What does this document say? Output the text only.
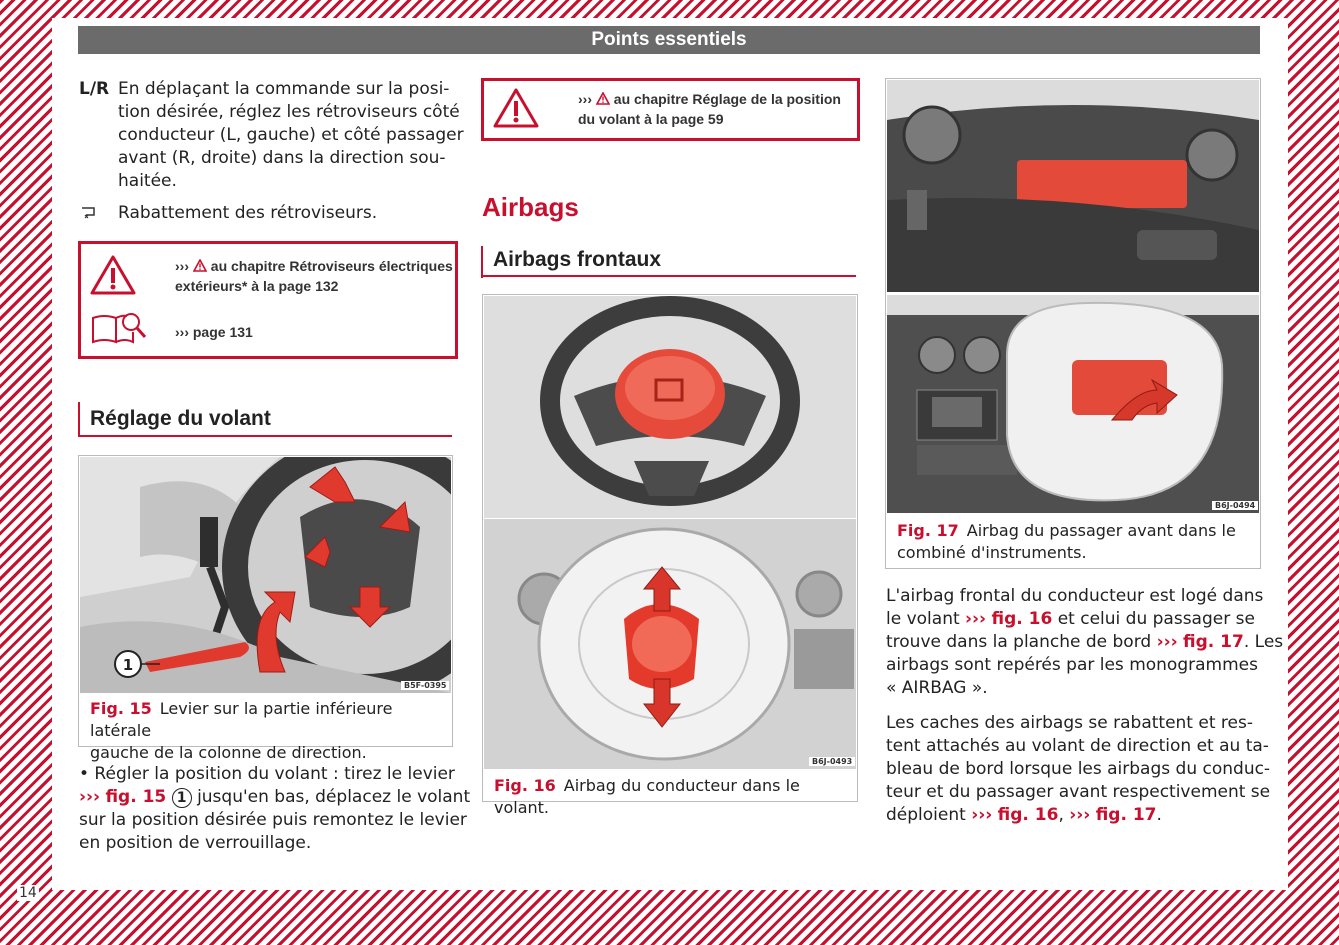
Points essentiels
L/R En déplaçant la commande sur la posi-
tion désirée, réglez les rétroviseurs côté
conducteur (L, gauche) et côté passager
avant (R, droite) dans la direction sou-
haitée.
Rabattement des rétroviseurs.
››› au chapitre Rétroviseurs électriques
extérieurs* à la page 132
››› page 131
Réglage du volant
1
B5F-0395
Fig. 15 Levier sur la partie inférieure latérale
gauche de la colonne de direction.
• Régler la position du volant : tirez le levier
››› fig. 15 1 jusqu'en bas, déplacez le volant
sur la position désirée puis remontez le levier
en position de verrouillage.
››› au chapitre Réglage de la position
du volant à la page 59
Airbags
Airbags frontaux
B6J-0493
Fig. 16 Airbag du conducteur dans le volant.
B6J-0494
Fig. 17 Airbag du passager avant dans le
combiné d'instruments.
L'airbag frontal du conducteur est logé dans
le volant ››› fig. 16 et celui du passager se
trouve dans la planche de bord ››› fig. 17. Les
airbags sont repérés par les monogrammes
« AIRBAG ».
Les caches des airbags se rabattent et res-
tent attachés au volant de direction et au ta-
bleau de bord lorsque les airbags du conduc-
teur et du passager avant respectivement se
déploient ››› fig. 16, ››› fig. 17.
14
